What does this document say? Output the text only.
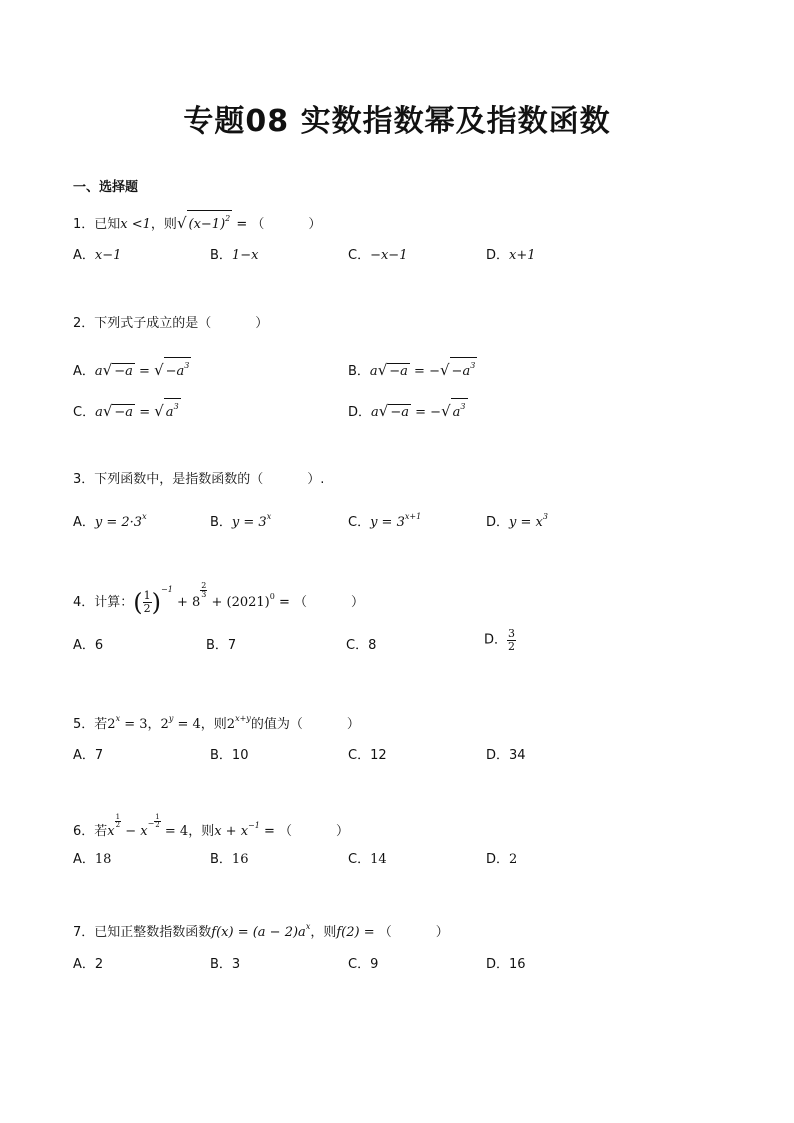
专题08 实数指数幂及指数函数
一、选择题
1．已知x <1，则√ $(x-1)^2$ = （	）
A．x−1	B．1−x	C．−x−1	D．x+1
2．下列式子成立的是（	）
A．a√ −a = √ $-a^3$	B．a√ −a = −√ $-a^3$
C．a√ −a = √ $a^3$	D．a√ −a = −√ $a^3$
3．下列函数中，是指数函数的（	）.
A．$y = 2\cdot 3^x$	B．$y = 3^x$	C．$y = 3^{x+1}$	D．$y = x^3$
4．计算：( $\frac{1}{2} )^{-1} + 8$
$\frac{2}{3}$
+ $(2021)^0$ = （	）
A．6	B．7	C．8	D． $\frac{3}{2}$
5．若$2^x = 3$，$2^y = 4$，则$2^{x+y}$的值为（	）
A．7	B．10	C．12	D．34
6．若x
$\frac{1}{2}$
− $x^- \frac{1}{2}$
= 4，则$x + x^{-1}$ = （	）
A．18	B．16	C．14	D．2
7．已知正整数指数函数$f(x) = (a - 2)a^x$，则f(2) = （	）
A．2	B．3	C．9	D．16
